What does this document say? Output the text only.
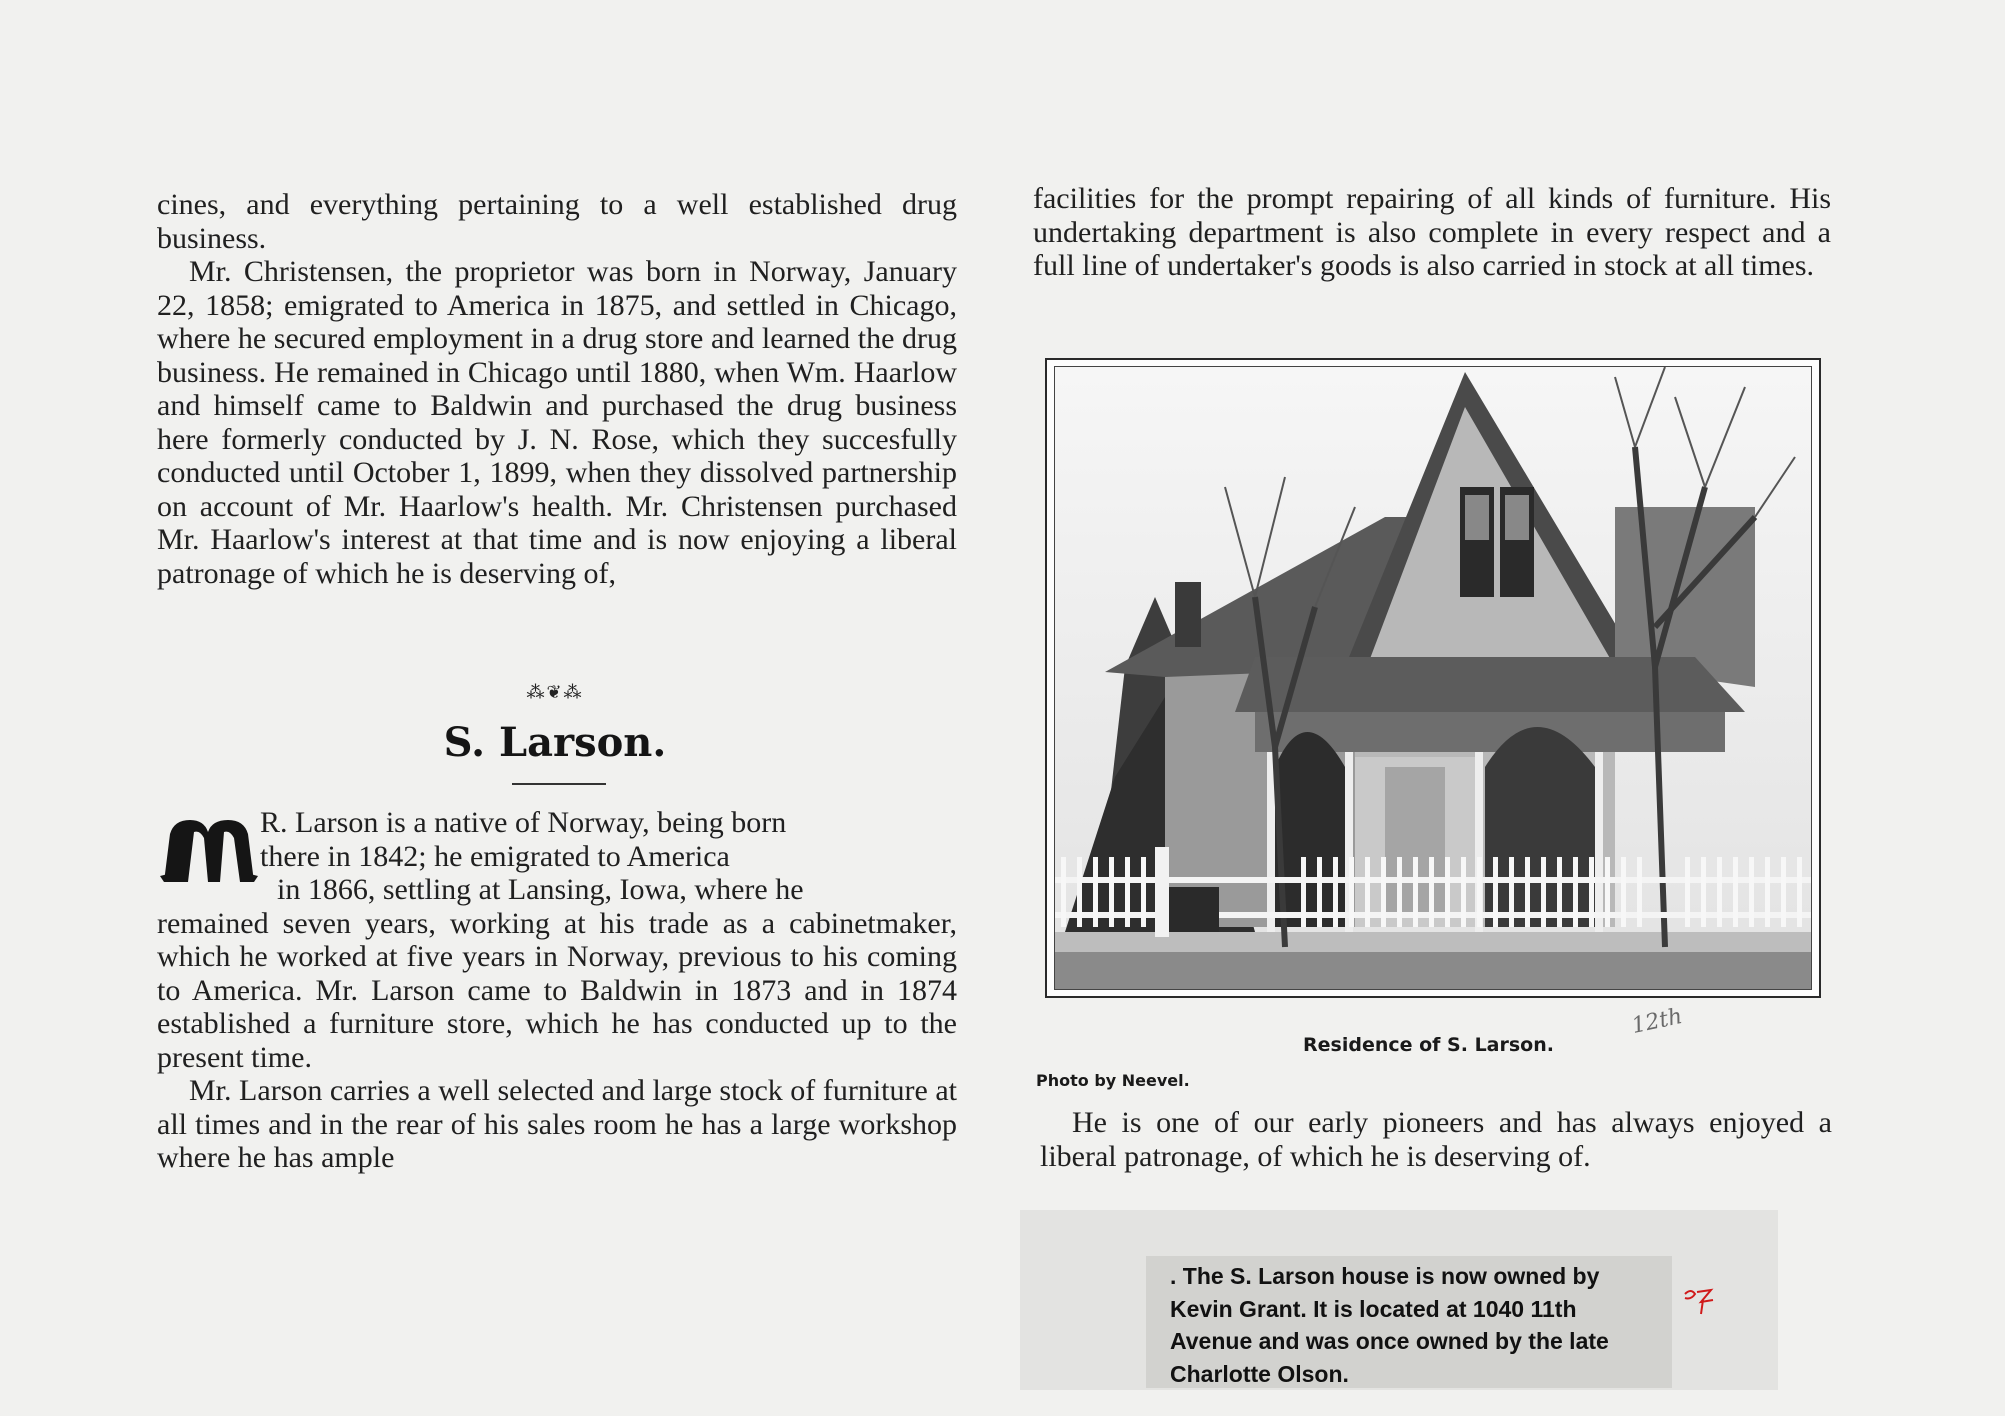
cines, and everything pertaining to a well established drug business.

Mr. Christensen, the proprietor was born in Norway, January 22, 1858; emigrated to America in 1875, and settled in Chicago, where he secured employment in a drug store and learned the drug business. He remained in Chicago until 1880, when Wm. Haarlow and himself came to Baldwin and purchased the drug business here formerly conducted by J. N. Rose, which they succesfully conducted until October 1, 1899, when they dissolved partnership on account of Mr. Haarlow's health. Mr. Christensen purchased Mr. Haarlow's interest at that time and is now enjoying a liberal patronage of which he is deserving of,

⁂❦⁂
S. Larson.

R. Larson is a native of Norway, being born

there in 1842; he emigrated to America

in 1866, settling at Lansing, Iowa, where he

remained seven years, working at his trade as a cabinetmaker, which he worked at five years in Norway, previous to his coming to America. Mr. Larson came to Baldwin in 1873 and in 1874 established a furniture store, which he has conducted up to the present time.

Mr. Larson carries a well selected and large stock of furniture at all times and in the rear of his sales room he has a large workshop where he has ample

facilities for the prompt repairing of all kinds of furniture. His undertaking department is also complete in every respect and a full line of undertaker's goods is also carried in stock at all times.

12th
Residence of S. Larson.
Photo by Neevel.

He is one of our early pioneers and has always enjoyed a liberal patronage, of which he is deserving of.

. The S. Larson house is now owned by Kevin Grant. It is located at 1040 11th Avenue and was once owned by the late Charlotte Olson.
